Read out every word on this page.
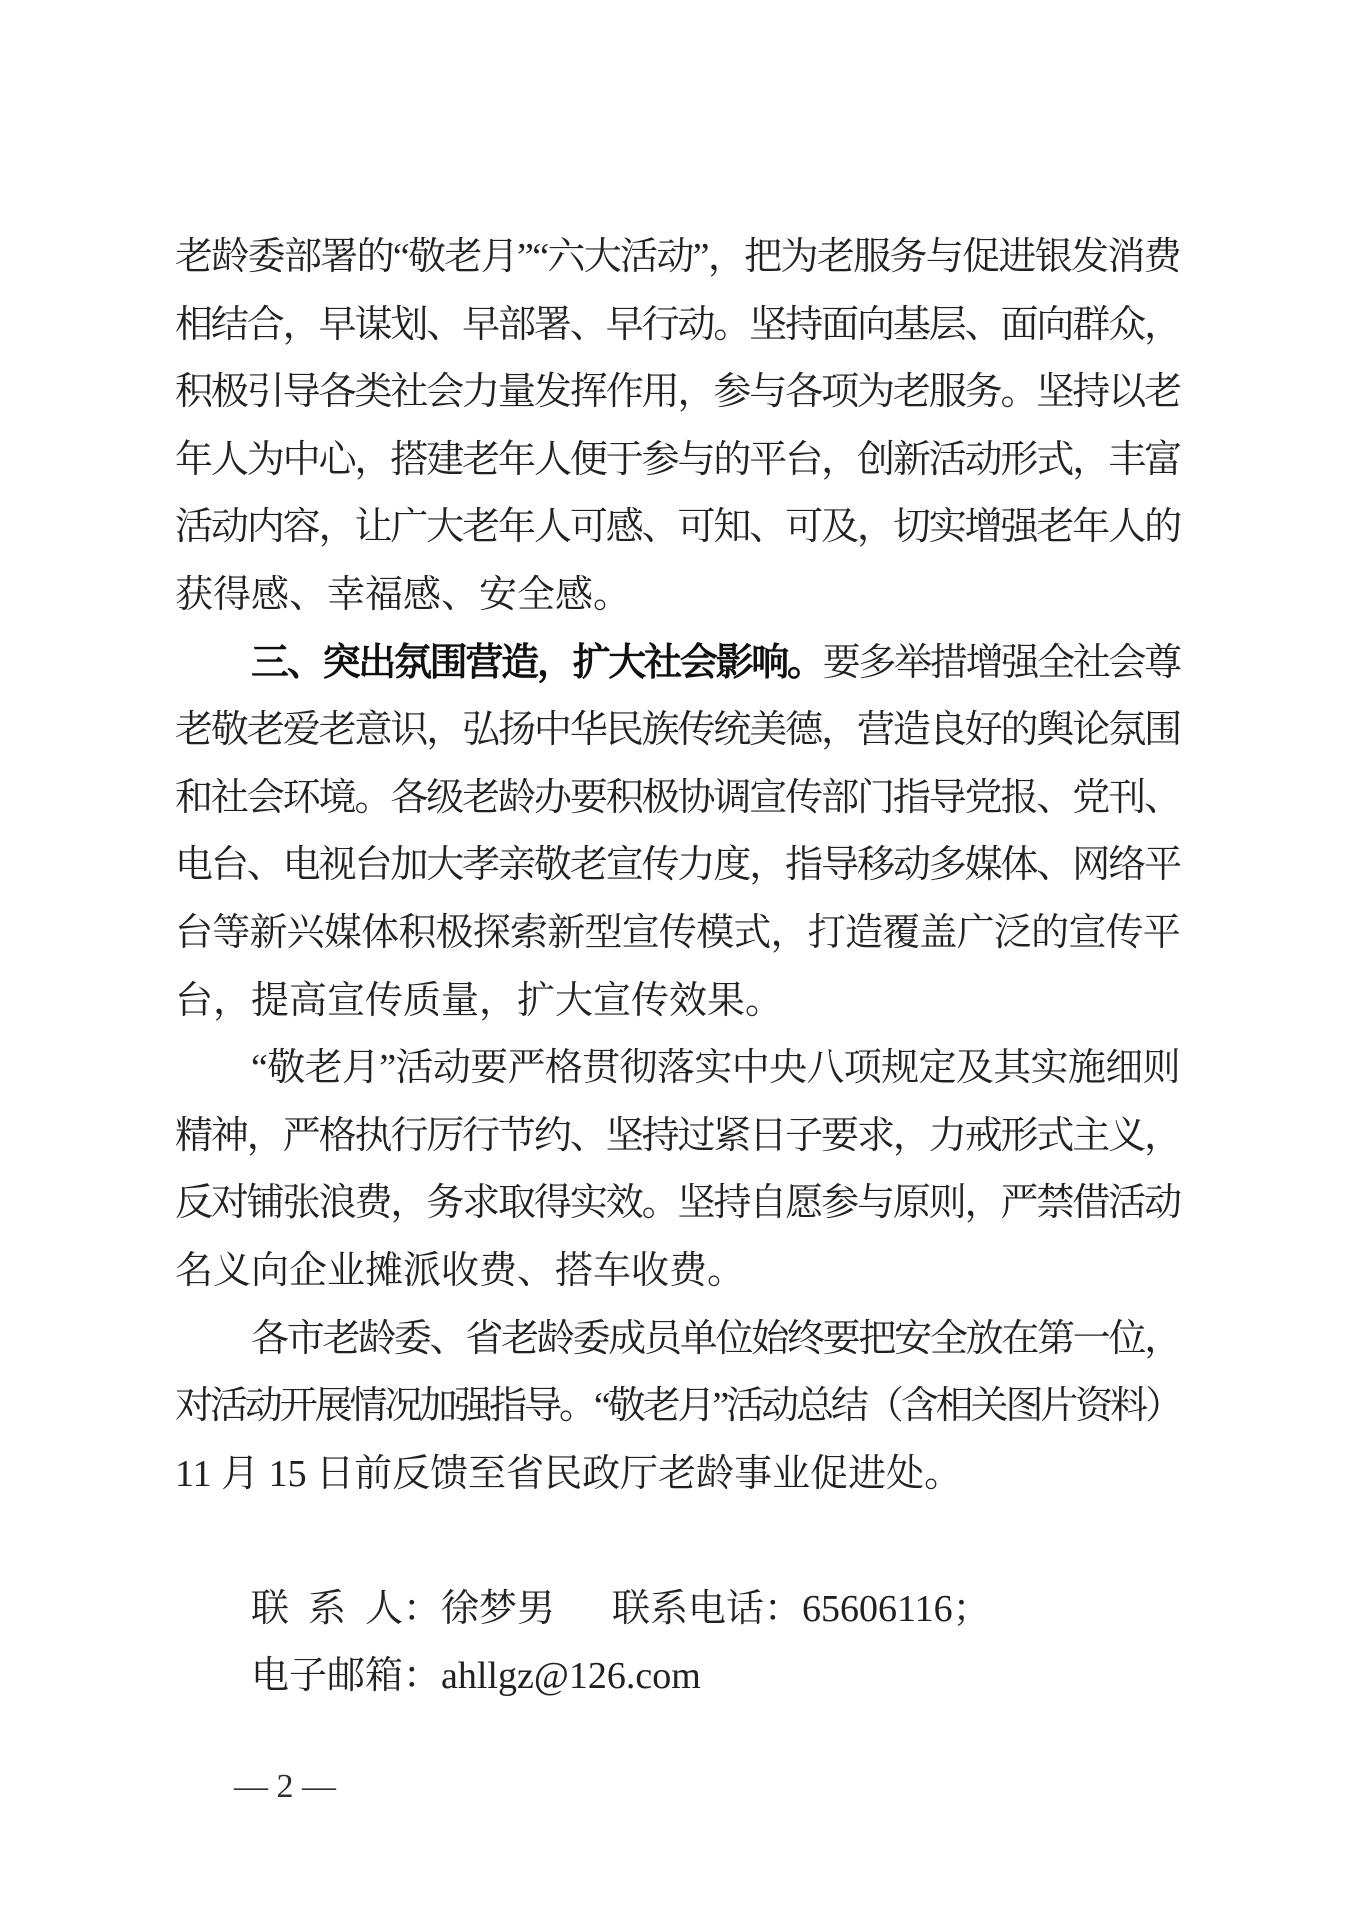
老龄委部署的“敬老月”“六大活动”，把为老服务与促进银发消费
相结合，早谋划、早部署、早行动。坚持面向基层、面向群众，
积极引导各类社会力量发挥作用，参与各项为老服务。坚持以老
年人为中心，搭建老年人便于参与的平台，创新活动形式，丰富
活动内容，让广大老年人可感、可知、可及，切实增强老年人的
获得感、幸福感、安全感。
三、突出氛围营造，扩大社会影响。要多举措增强全社会尊
老敬老爱老意识，弘扬中华民族传统美德，营造良好的舆论氛围
和社会环境。各级老龄办要积极协调宣传部门指导党报、党刊、
电台、电视台加大孝亲敬老宣传力度，指导移动多媒体、网络平
台等新兴媒体积极探索新型宣传模式，打造覆盖广泛的宣传平
台，提高宣传质量，扩大宣传效果。
“敬老月”活动要严格贯彻落实中央八项规定及其实施细则
精神，严格执行厉行节约、坚持过紧日子要求，力戒形式主义，
反对铺张浪费，务求取得实效。坚持自愿参与原则，严禁借活动
名义向企业摊派收费、搭车收费。
各市老龄委、省老龄委成员单位始终要把安全放在第一位，
对活动开展情况加强指导。“敬老月”活动总结（含相关图片资料）
11 月 15 日前反馈至省民政厅老龄事业促进处。
联 系 人：徐梦男　 联系电话：65606116；
电子邮箱：ahllgz@126.com

— 2 —
